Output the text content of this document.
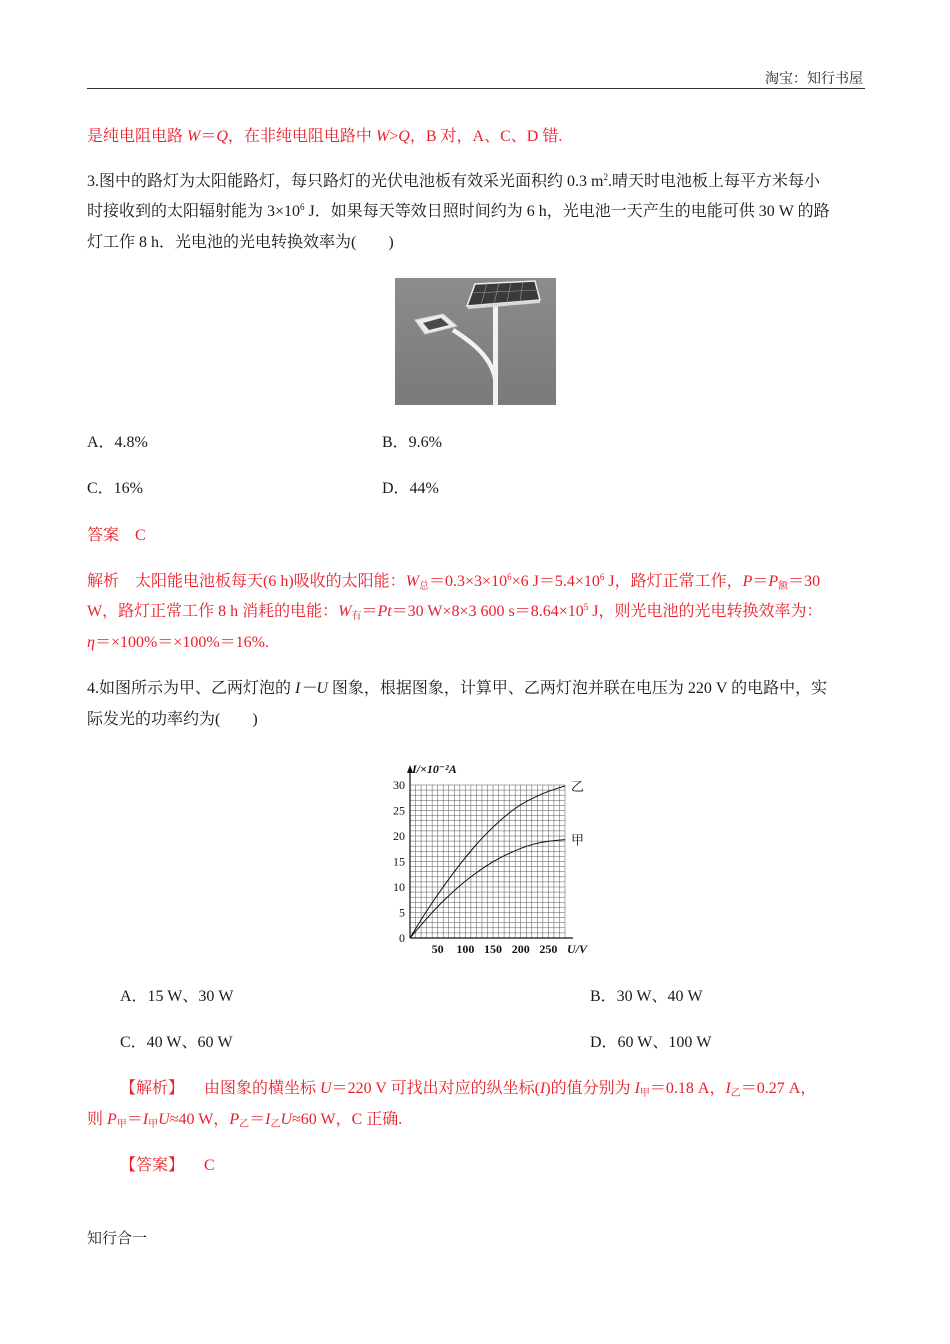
淘宝：知行书屋
是纯电阻电路 W＝Q，在非纯电阻电路中 W>Q，B 对，A、C、D 错.
3.图中的路灯为太阳能路灯，每只路灯的光伏电池板有效采光面积约 0.3 $m^2$.晴天时电池板上每平方米每小
时接收到的太阳辐射能为 $3\times 10^6$ J．如果每天等效日照时间约为 6 h，光电池一天产生的电能可供 30 W 的路
灯工作 8 h．光电池的光电转换效率为(　　)
A．4.8%	B．9.6%
C．16%	D．44%
答案 C
解析 太阳能电池板每天(6 h)吸收的太阳能：$W_总=0.3\times 3\times 10^6\times 6$ $J=5.4\times 10^6$ J，路灯正常工作，$P=P_额=30$
W，路灯正常工作 8 h 消耗的电能：$W_有=Pt=30$ W×8×3 600 $s=8.64\times 10^5$ J，则光电池的光电转换效率为：
η＝×100%＝×100%＝16%.
4.如图所示为甲、乙两灯泡的 I－U 图象，根据图象，计算甲、乙两灯泡并联在电压为 220 V 的电路中，实
际发光的功率约为(　　)
0
5
10
15
20
25
30
50 100 150 200 250
I/×10⁻²A
U/V
乙
甲
A．15 W、30 W	B．30 W、40 W
C．40 W、60 W	D．60 W、100 W
【解析】 由图象的横坐标 U＝220 V 可找出对应的纵坐标(I)的值分别为 $I_甲=0.18$ A，$I_乙=0.27$ A，
则 $P_甲=I_甲U\approx 40$ W，$P_乙=I_乙U\approx 60$ W，C 正确.
【答案】 C
知行合一
